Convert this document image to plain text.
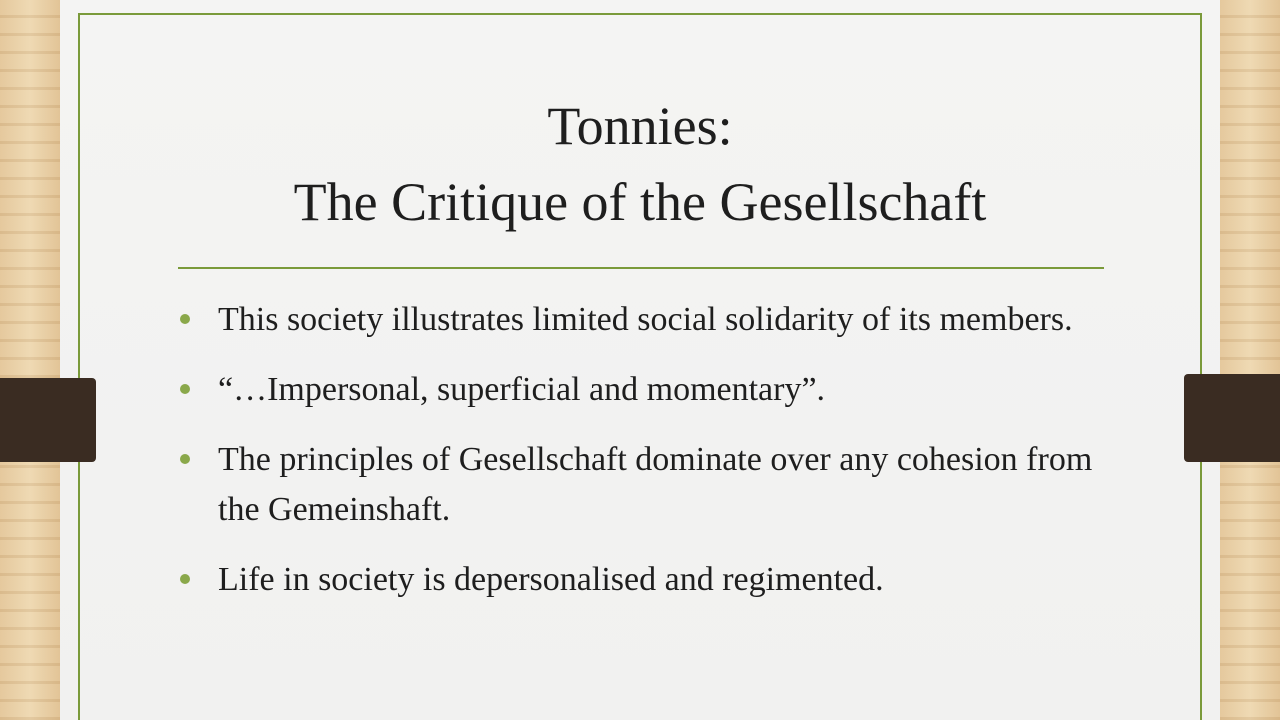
Tonnies:
The Critique of the Gesellschaft
This society illustrates limited social solidarity of its members.
“…Impersonal, superficial and momentary”.
The principles of Gesellschaft dominate over any cohesion from the Gemeinshaft.
Life in society is depersonalised and regimented.
